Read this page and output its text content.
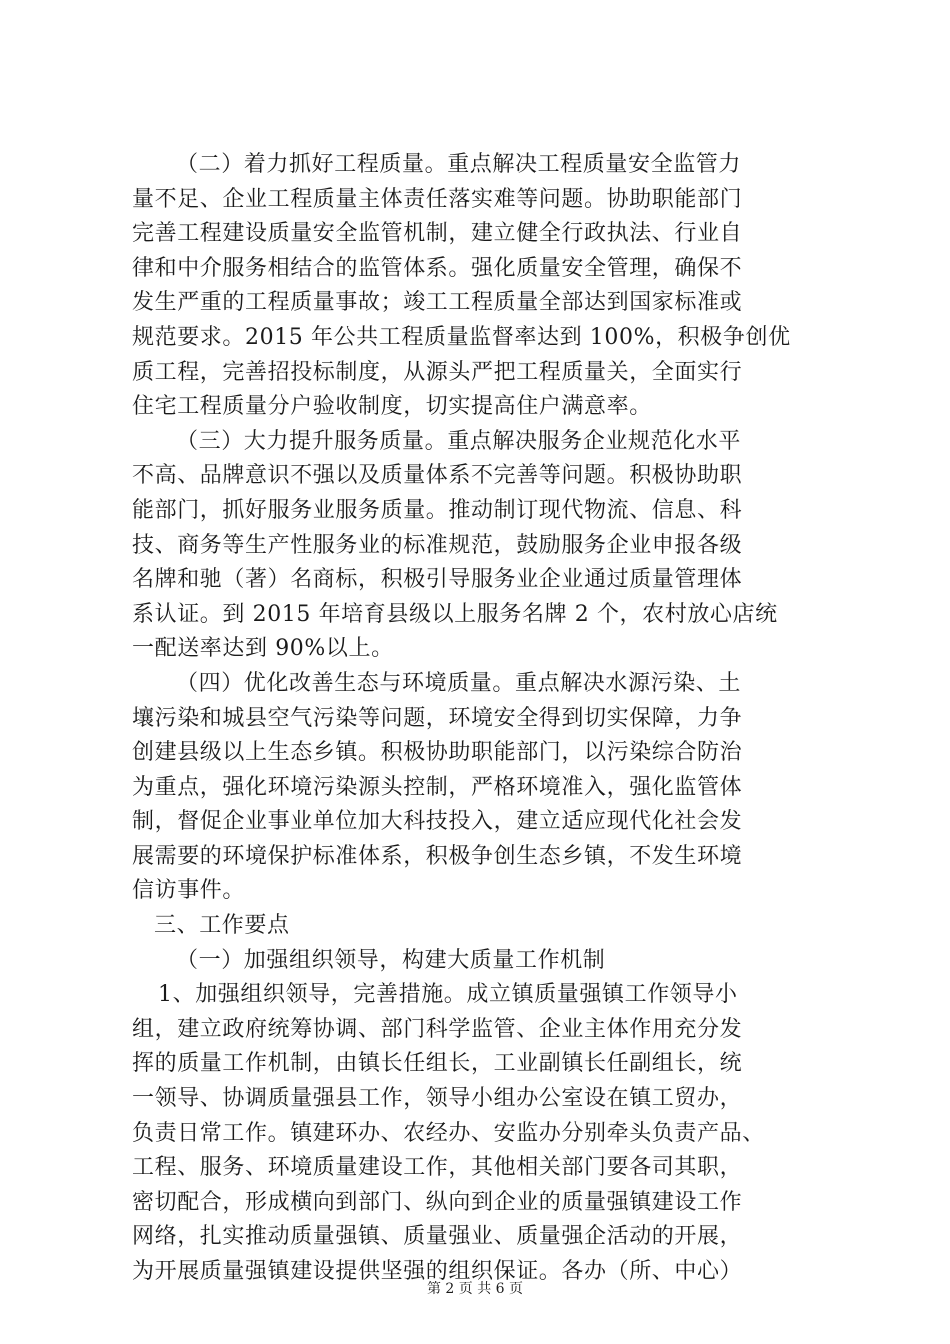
（二）着力抓好工程质量。重点解决工程质量安全监管力
量不足、企业工程质量主体责任落实难等问题。协助职能部门
完善工程建设质量安全监管机制，建立健全行政执法、行业自
律和中介服务相结合的监管体系。强化质量安全管理，确保不
发生严重的工程质量事故；竣工工程质量全部达到国家标准或
规范要求。2015 年公共工程质量监督率达到 100%，积极争创优
质工程，完善招投标制度，从源头严把工程质量关，全面实行
住宅工程质量分户验收制度，切实提高住户满意率。
（三）大力提升服务质量。重点解决服务企业规范化水平
不高、品牌意识不强以及质量体系不完善等问题。积极协助职
能部门，抓好服务业服务质量。推动制订现代物流、信息、科
技、商务等生产性服务业的标准规范，鼓励服务企业申报各级
名牌和驰（著）名商标，积极引导服务业企业通过质量管理体
系认证。到 2015 年培育县级以上服务名牌 2 个，农村放心店统
一配送率达到 90%以上。
（四）优化改善生态与环境质量。重点解决水源污染、土
壤污染和城县空气污染等问题，环境安全得到切实保障，力争
创建县级以上生态乡镇。积极协助职能部门，以污染综合防治
为重点，强化环境污染源头控制，严格环境准入，强化监管体
制，督促企业事业单位加大科技投入，建立适应现代化社会发
展需要的环境保护标准体系，积极争创生态乡镇，不发生环境
信访事件。
三、工作要点
（一）加强组织领导，构建大质量工作机制
1、加强组织领导，完善措施。成立镇质量强镇工作领导小
组，建立政府统筹协调、部门科学监管、企业主体作用充分发
挥的质量工作机制，由镇长任组长，工业副镇长任副组长，统
一领导、协调质量强县工作，领导小组办公室设在镇工贸办，
负责日常工作。镇建环办、农经办、安监办分别牵头负责产品、
工程、服务、环境质量建设工作，其他相关部门要各司其职，
密切配合，形成横向到部门、纵向到企业的质量强镇建设工作
网络，扎实推动质量强镇、质量强业、质量强企活动的开展，
为开展质量强镇建设提供坚强的组织保证。各办（所、中心）
第 2 页 共 6 页
